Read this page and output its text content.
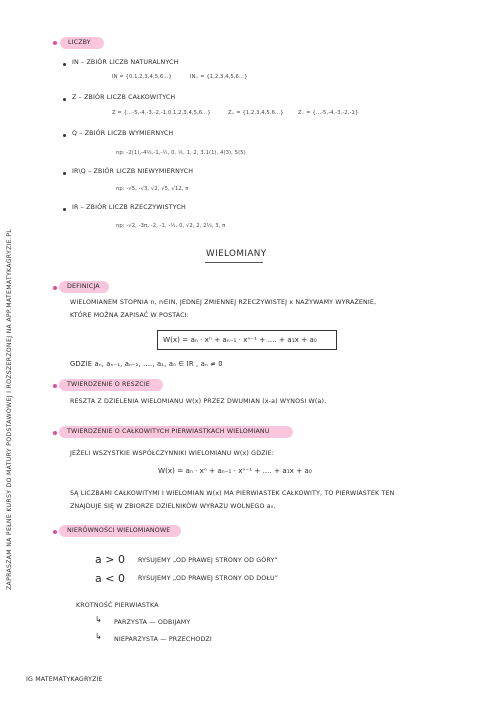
ZAPRASZAM NA PEŁNE KURSY DO MATURY PODSTAWOWEJ I ROZSZERZONEJ NA APP.MATEMATYKAGRYZIE.PL
LICZBY
IN – ZBIÓR LICZB NATURALNYCH
IN = {0,1,2,3,4,5,6...}	IN₊ = {1,2,3,4,5,6...}
Z – ZBIÓR LICZB CAŁKOWITYCH
Z = {...-5,-4,-3,-2,-1,0,1,2,3,4,5,6...}	Z₊ = {1,2,3,4,5,6...}	Z₋ = {...-5,-4,-3,-2,-1}
Q – ZBIÓR LICZB WYMIERNYCH
np: -2(1),-4⅓,-1,-½, 0, ⅕, 1, 2, 3.1(1), 4(3), 5(5)
IR\Q – ZBIÓR LICZB NIEWYMIERNYCH
np: -√5, -√3, √2, √5, √12, π
IR – ZBIÓR LICZB RZECZYWISTYCH
np: -√2, -3π, -2, -1, -½, 0, √2, 2, 2⅓, 3, π
WIELOMIANY
DEFINICJA
WIELOMIANEM STOPNIA n, n∈IN, JEDNEJ ZMIENNEJ RZECZYWISTEJ x NAZYWAMY WYRAŻENIE,
KTÓRE MOŻNA ZAPISAĆ W POSTACI:
W(x) = aₙ · xⁿ + aₙ₋₁ · xⁿ⁻¹ + .... + a₁x + a₀
GDZIE aₙ, aₙ₋₁, aₙ₋₂, ...., a₁, a₀ ∈ IR , aₙ ≠ 0
TWIERDZENIE O RESZCIE
RESZTA Z DZIELENIA WIELOMIANU W(x) PRZEZ DWUMIAN (x-a) WYNOSI W(a).
TWIERDZENIE O CAŁKOWITYCH PIERWIASTKACH WIELOMIANU
JEŻELI WSZYSTKIE WSPÓŁCZYNNIKI WIELOMIANU W(x) GDZIE:
W(x) = aₙ · xⁿ + aₙ₋₁ · xⁿ⁻¹ + .... + a₁x + a₀
SĄ LICZBAMI CAŁKOWITYMI I WIELOMIAN W(x) MA PIERWIASTEK CAŁKOWITY, TO PIERWIASTEK TEN
ZNAJDUJE SIĘ W ZBIORZE DZIELNIKÓW WYRAZU WOLNEGO a₀.
NIERÓWNOŚCI WIELOMIANOWE
a > 0 RYSUJEMY „OD PRAWEJ STRONY OD GÓRY”
a < 0 RYSUJEMY „OD PRAWEJ STRONY OD DOŁU”
KROTNOŚĆ PIERWIASTKA
↳ PARZYSTA — ODBIJAMY
↳ NIEPARZYSTA — PRZECHODZI
IG MATEMATYKAGRYZIE
